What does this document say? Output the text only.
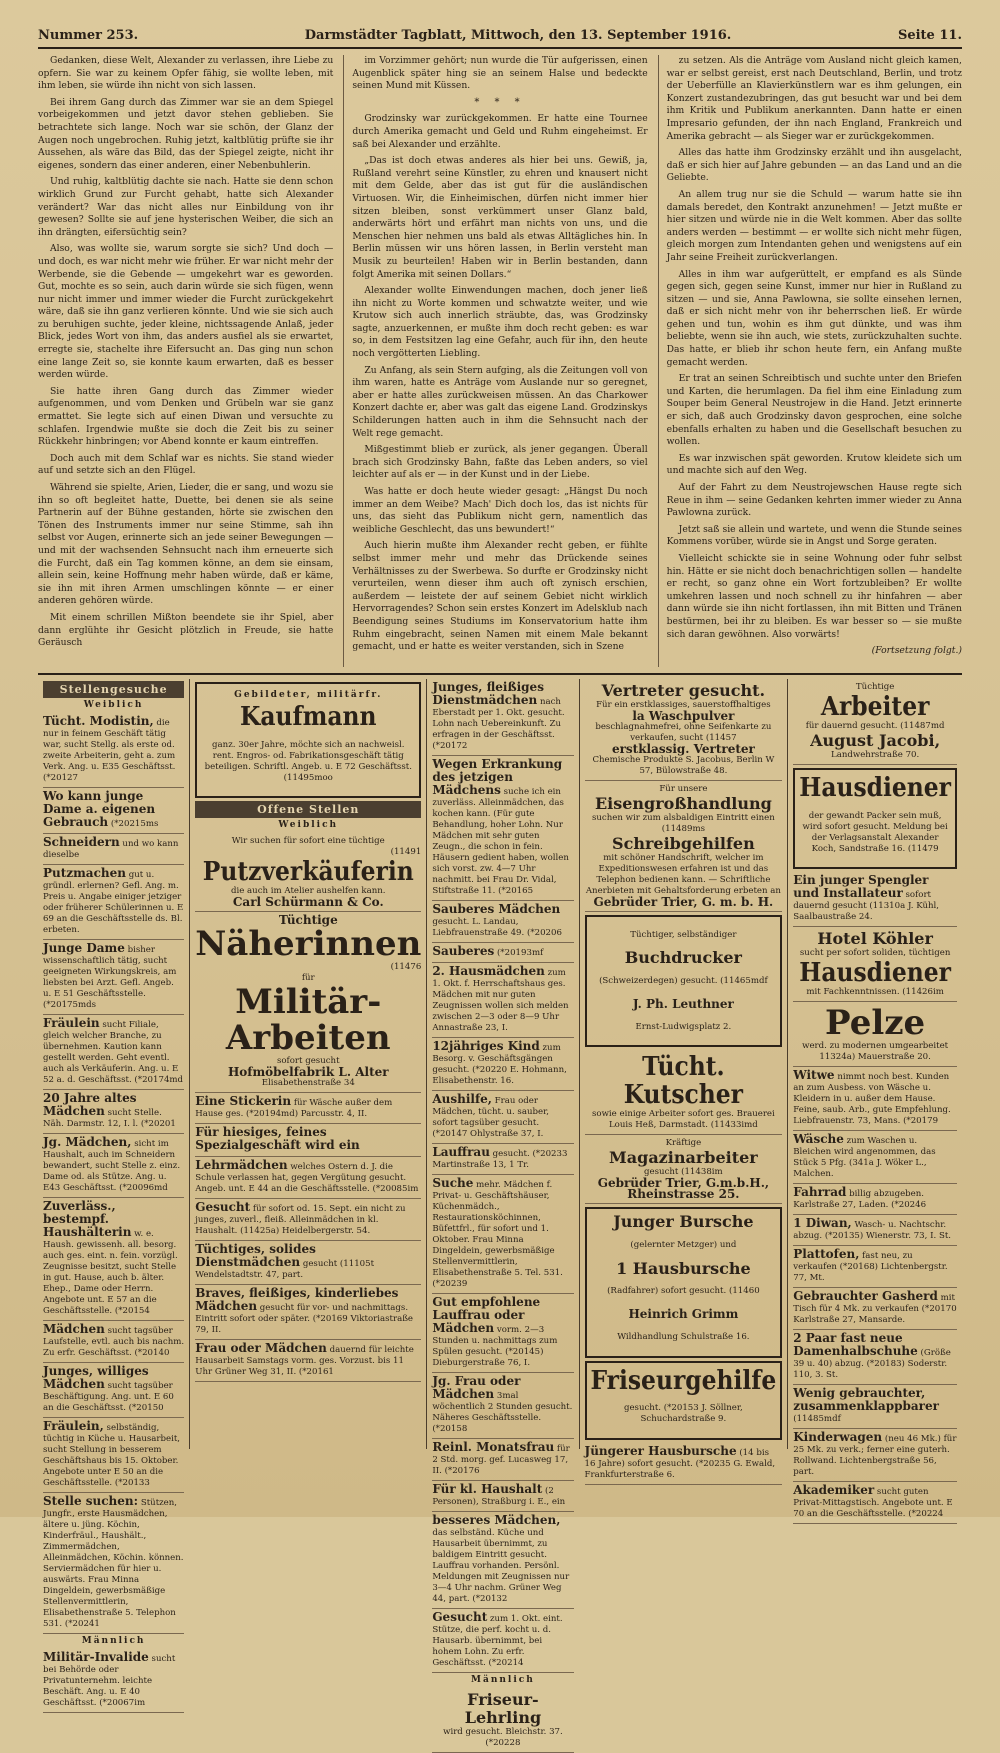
Nummer 253.	Darmstädter Tagblatt, Mittwoch, den 13. September 1916.	Seite 11.

Gedanken, diese Welt, Alexander zu verlassen, ihre Liebe zu opfern. Sie war zu keinem Opfer fähig, sie wollte leben, mit ihm leben, sie würde ihn nicht von sich lassen.

Bei ihrem Gang durch das Zimmer war sie an dem Spiegel vorbeigekommen und jetzt davor stehen geblieben. Sie betrachtete sich lange. Noch war sie schön, der Glanz der Augen noch ungebrochen. Ruhig jetzt, kaltblütig prüfte sie ihr Aussehen, als wäre das Bild, das der Spiegel zeigte, nicht ihr eigenes, sondern das einer anderen, einer Nebenbuhlerin.

Und ruhig, kaltblütig dachte sie nach. Hatte sie denn schon wirklich Grund zur Furcht gehabt, hatte sich Alexander verändert? War das nicht alles nur Einbildung von ihr gewesen? Sollte sie auf jene hysterischen Weiber, die sich an ihn drängten, eifersüchtig sein?

Also, was wollte sie, warum sorgte sie sich? Und doch — und doch, es war nicht mehr wie früher. Er war nicht mehr der Werbende, sie die Gebende — umgekehrt war es geworden. Gut, mochte es so sein, auch darin würde sie sich fügen, wenn nur nicht immer und immer wieder die Furcht zurückgekehrt wäre, daß sie ihn ganz verlieren könnte. Und wie sie sich auch zu beruhigen suchte, jeder kleine, nichtssagende Anlaß, jeder Blick, jedes Wort von ihm, das anders ausfiel als sie erwartet, erregte sie, stachelte ihre Eifersucht an. Das ging nun schon eine lange Zeit so, sie konnte kaum erwarten, daß es besser werden würde.

Sie hatte ihren Gang durch das Zimmer wieder aufgenommen, und vom Denken und Grübeln war sie ganz ermattet. Sie legte sich auf einen Diwan und versuchte zu schlafen. Irgendwie mußte sie doch die Zeit bis zu seiner Rückkehr hinbringen; vor Abend konnte er kaum eintreffen.

Doch auch mit dem Schlaf war es nichts. Sie stand wieder auf und setzte sich an den Flügel.

Während sie spielte, Arien, Lieder, die er sang, und wozu sie ihn so oft begleitet hatte, Duette, bei denen sie als seine Partnerin auf der Bühne gestanden, hörte sie zwischen den Tönen des Instruments immer nur seine Stimme, sah ihn selbst vor Augen, erinnerte sich an jede seiner Bewegungen — und mit der wachsenden Sehnsucht nach ihm erneuerte sich die Furcht, daß ein Tag kommen könne, an dem sie einsam, allein sein, keine Hoffnung mehr haben würde, daß er käme, sie ihn mit ihren Armen umschlingen könnte — er einer anderen gehören würde.

Mit einem schrillen Mißton beendete sie ihr Spiel, aber dann erglühte ihr Gesicht plötzlich in Freude, sie hatte Geräusch

im Vorzimmer gehört; nun wurde die Tür aufgerissen, einen Augenblick später hing sie an seinem Halse und bedeckte seinen Mund mit Küssen.

* * *

Grodzinsky war zurückgekommen. Er hatte eine Tournee durch Amerika gemacht und Geld und Ruhm eingeheimst. Er saß bei Alexander und erzählte.

„Das ist doch etwas anderes als hier bei uns. Gewiß, ja, Rußland verehrt seine Künstler, zu ehren und knausert nicht mit dem Gelde, aber das ist gut für die ausländischen Virtuosen. Wir, die Einheimischen, dürfen nicht immer hier sitzen bleiben, sonst verkümmert unser Glanz bald, anderwärts hört und erfährt man nichts von uns, und die Menschen hier nehmen uns bald als etwas Alltägliches hin. In Berlin müssen wir uns hören lassen, in Berlin versteht man Musik zu beurteilen! Haben wir in Berlin bestanden, dann folgt Amerika mit seinen Dollars.“

Alexander wollte Einwendungen machen, doch jener ließ ihn nicht zu Worte kommen und schwatzte weiter, und wie Krutow sich auch innerlich sträubte, das, was Grodzinsky sagte, anzuerkennen, er mußte ihm doch recht geben: es war so, in dem Festsitzen lag eine Gefahr, auch für ihn, den heute noch vergötterten Liebling.

Zu Anfang, als sein Stern aufging, als die Zeitungen voll von ihm waren, hatte es Anträge vom Auslande nur so geregnet, aber er hatte alles zurückweisen müssen. An das Charkower Konzert dachte er, aber was galt das eigene Land. Grodzinskys Schilderungen hatten auch in ihm die Sehnsucht nach der Welt rege gemacht.

Mißgestimmt blieb er zurück, als jener gegangen. Überall brach sich Grodzinsky Bahn, faßte das Leben anders, so viel leichter auf als er — in der Kunst und in der Liebe.

Was hatte er doch heute wieder gesagt: „Hängst Du noch immer an dem Weibe? Mach' Dich doch los, das ist nichts für uns, das sieht das Publikum nicht gern, namentlich das weibliche Geschlecht, das uns bewundert!“

Auch hierin mußte ihm Alexander recht geben, er fühlte selbst immer mehr und mehr das Drückende seines Verhältnisses zu der Swerbewa. So durfte er Grodzinsky nicht verurteilen, wenn dieser ihm auch oft zynisch erschien, außerdem — leistete der auf seinem Gebiet nicht wirklich Hervorragendes? Schon sein erstes Konzert im Adelsklub nach Beendigung seines Studiums im Konservatorium hatte ihm Ruhm eingebracht, seinen Namen mit einem Male bekannt gemacht, und er hatte es weiter verstanden, sich in Szene

zu setzen. Als die Anträge vom Ausland nicht gleich kamen, war er selbst gereist, erst nach Deutschland, Berlin, und trotz der Ueberfülle an Klavierkünstlern war es ihm gelungen, ein Konzert zustandezubringen, das gut besucht war und bei dem ihm Kritik und Publikum anerkannten. Dann hatte er einen Impresario gefunden, der ihn nach England, Frankreich und Amerika gebracht — als Sieger war er zurückgekommen.

Alles das hatte ihm Grodzinsky erzählt und ihn ausgelacht, daß er sich hier auf Jahre gebunden — an das Land und an die Geliebte.

An allem trug nur sie die Schuld — warum hatte sie ihn damals beredet, den Kontrakt anzunehmen! — Jetzt mußte er hier sitzen und würde nie in die Welt kommen. Aber das sollte anders werden — bestimmt — er wollte sich nicht mehr fügen, gleich morgen zum Intendanten gehen und wenigstens auf ein Jahr seine Freiheit zurückverlangen.

Alles in ihm war aufgerüttelt, er empfand es als Sünde gegen sich, gegen seine Kunst, immer nur hier in Rußland zu sitzen — und sie, Anna Pawlowna, sie sollte einsehen lernen, daß er sich nicht mehr von ihr beherrschen ließ. Er würde gehen und tun, wohin es ihm gut dünkte, und was ihm beliebte, wenn sie ihn auch, wie stets, zurückzuhalten suchte. Das hatte, er blieb ihr schon heute fern, ein Anfang mußte gemacht werden.

Er trat an seinen Schreibtisch und suchte unter den Briefen und Karten, die herumlagen. Da fiel ihm eine Einladung zum Souper beim General Neustrojew in die Hand. Jetzt erinnerte er sich, daß auch Grodzinsky davon gesprochen, eine solche ebenfalls erhalten zu haben und die Gesellschaft besuchen zu wollen.

Es war inzwischen spät geworden. Krutow kleidete sich um und machte sich auf den Weg.

Auf der Fahrt zu dem Neustrojewschen Hause regte sich Reue in ihm — seine Gedanken kehrten immer wieder zu Anna Pawlowna zurück.

Jetzt saß sie allein und wartete, und wenn die Stunde seines Kommens vorüber, würde sie in Angst und Sorge geraten.

Vielleicht schickte sie in seine Wohnung oder fuhr selbst hin. Hätte er sie nicht doch benachrichtigen sollen — handelte er recht, so ganz ohne ein Wort fortzubleiben? Er wollte umkehren lassen und noch schnell zu ihr hinfahren — aber dann würde sie ihn nicht fortlassen, ihn mit Bitten und Tränen bestürmen, bei ihr zu bleiben. Es war besser so — sie mußte sich daran gewöhnen. Also vorwärts!

(Fortsetzung folgt.)
Stellengesuche
Weiblich

Tücht. Modistin, die nur in feinem Geschäft tätig war, sucht Stellg. als erste od. zweite Arbeiterin, geht a. zum Verk. Ang. u. E35 Geschäftsst. (*20127

Wo kann junge Dame a. eigenen Gebrauch (*20215ms

Schneidern und wo kann dieselbe

Putzmachen gut u. gründl. erlernen? Gefl. Ang. m. Preis u. Angabe einiger jetziger oder früherer Schülerinnen u. E 69 an die Geschäftsstelle ds. Bl. erbeten.

Junge Dame bisher wissenschaftlich tätig, sucht geeigneten Wirkungskreis, am liebsten bei Arzt. Gefl. Angeb. u. E 51 Geschäftsstelle. (*20175mds

Fräulein sucht Filiale, gleich welcher Branche, zu übernehmen. Kaution kann gestellt werden. Geht eventl. auch als Verkäuferin. Ang. u. E 52 a. d. Geschäftsst. (*20174md

20 Jahre altes Mädchen sucht Stelle. Näh. Darmstr. 12, I. l. (*20201

Jg. Mädchen, sicht im Haushalt, auch im Schneidern bewandert, sucht Stelle z. einz. Dame od. als Stütze. Ang. u. E43 Geschäftsst. (*20096md

Zuverläss., bestempf. Haushälterin w. e. Haush. gewissenh. all. besorg. auch ges. eint. n. fein. vorzügl. Zeugnisse besitzt, sucht Stelle in gut. Hause, auch b. älter. Ehep., Dame oder Herrn. Angebote unt. E 57 an die Geschäftsstelle. (*20154

Mädchen sucht tagsüber Laufstelle, evtl. auch bis nachm. Zu erfr. Geschäftsst. (*20140

Junges, williges Mädchen sucht tagsüber Beschäftigung. Ang. unt. E 60 an die Geschäftsst. (*20150

Fräulein, selbständig, tüchtig in Küche u. Hausarbeit, sucht Stellung in besserem Geschäftshaus bis 15. Oktober. Angebote unter E 50 an die Geschäftsstelle. (*20133

Stelle suchen: Stützen, Jungfr., erste Hausmädchen, ältere u. jüng. Köchin, Kinderfräul., Haushält., Zimmermädchen, Alleinmädchen, Köchin. können. Serviermädchen für hier u. auswärts. Frau Minna Dingeldein, gewerbsmäßige Stellenvermittlerin, Elisabethenstraße 5. Telephon 531. (*20241

Männlich

Militär-Invalide sucht bei Behörde oder Privatunternehm. leichte Beschäft. Ang. u. E 40 Geschäftsst. (*20067im

Gebildeter, militärfr.
Kaufmann

ganz. 30er Jahre, möchte sich an nachweisl. rent. Engros- od. Fabrikationsgeschäft tätig beteiligen. Schriftl. Angeb. u. E 72 Geschäftsst. (11495moo

Offene Stellen
Weiblich

Wir suchen für sofort eine tüchtige

(11491

Putzverkäuferin

die auch im Atelier aushelfen kann.

Carl Schürmann & Co.

Tüchtige

Näherinnen

(11476

für

Militär-Arbeiten

sofort gesucht

Hofmöbelfabrik L. Alter

Elisabethenstraße 34

Eine Stickerin für Wäsche außer dem Hause ges. (*20194md) Parcusstr. 4, II.

Für hiesiges, feines Spezialgeschäft wird ein

Lehrmädchen welches Ostern d. J. die Schule verlassen hat, gegen Vergütung gesucht. Angeb. unt. E 44 an die Geschäftsstelle. (*20085im

Gesucht für sofort od. 15. Sept. ein nicht zu junges, zuverl., fleiß. Alleinmädchen in kl. Haushalt. (11425a) Heidelbergerstr. 54.

Tüchtiges, solides Dienstmädchen gesucht (11105t Wendelstadtstr. 47, part.

Braves, fleißiges, kinderliebes Mädchen gesucht für vor- und nachmittags. Eintritt sofort oder später. (*20169 Viktoriastraße 79, II.

Frau oder Mädchen dauernd für leichte Hausarbeit Samstags vorm. ges. Vorzust. bis 11 Uhr Grüner Weg 31, II. (*20161

Junges, fleißiges Dienstmädchen nach Eberstadt per 1. Okt. gesucht. Lohn nach Uebereinkunft. Zu erfragen in der Geschäftsst. (*20172

Wegen Erkrankung des jetzigen Mädchens suche ich ein zuverläss. Alleinmädchen, das kochen kann. (Für gute Behandlung, hoher Lohn. Nur Mädchen mit sehr guten Zeugn., die schon in fein. Häusern gedient haben, wollen sich vorst. zw. 4—7 Uhr nachmitt. bei Frau Dr. Vidal, Stiftstraße 11. (*20165

Sauberes Mädchen gesucht. L. Landau, Liebfrauenstraße 49. (*20206

Sauberes (*20193mf

2. Hausmädchen zum 1. Okt. f. Herrschaftshaus ges. Mädchen mit nur guten Zeugnissen wollen sich melden zwischen 2—3 oder 8—9 Uhr Annastraße 23, I.

12jähriges Kind zum Besorg. v. Geschäftsgängen gesucht. (*20220 E. Hohmann, Elisabethenstr. 16.

Aushilfe, Frau oder Mädchen, tücht. u. sauber, sofort tagsüber gesucht. (*20147 Ohlystraße 37, I.

Lauffrau gesucht. (*20233 Martinstraße 13, 1 Tr.

Suche mehr. Mädchen f. Privat- u. Geschäftshäuser, Küchenmädch., Restaurationsköchinnen, Büfettfrl., für sofort und 1. Oktober. Frau Minna Dingeldein, gewerbsmäßige Stellenvermittlerin, Elisabethenstraße 5. Tel. 531. (*20239

Gut empfohlene Lauffrau oder Mädchen vorm. 2—3 Stunden u. nachmittags zum Spülen gesucht. (*20145) Dieburgerstraße 76, I.

Jg. Frau oder Mädchen 3mal wöchentlich 2 Stunden gesucht. Näheres Geschäftsstelle. (*20158

Reinl. Monatsfrau für 2 Std. morg. gef. Lucasweg 17, II. (*20176

Für kl. Haushalt (2 Personen), Straßburg i. E., ein

besseres Mädchen, das selbständ. Küche und Hausarbeit übernimmt, zu baldigem Eintritt gesucht. Lauffrau vorhanden. Persönl. Meldungen mit Zeugnissen nur 3—4 Uhr nachm. Grüner Weg 44, part. (*20132

Gesucht zum 1. Okt. eint. Stütze, die perf. kocht u. d. Hausarb. übernimmt, bei hohem Lohn. Zu erfr. Geschäftsst. (*20214

Männlich
Friseur-Lehrling

wird gesucht. Bleichstr. 37. (*20228

Vertreter gesucht.

Für ein erstklassiges, sauerstoffhaltiges

la Waschpulver

beschlagnahmefrei, ohne Seifenkarte zu verkaufen, sucht (11457

erstklassig. Vertreter

Chemische Produkte S. Jacobus, Berlin W 57, Bülowstraße 48.

Für unsere

Eisengroßhandlung

suchen wir zum alsbaldigen Eintritt einen (11489ms

Schreibgehilfen

mit schöner Handschrift, welcher im Expeditionswesen erfahren ist und das Telephon bedienen kann. — Schriftliche Anerbieten mit Gehaltsforderung erbeten an

Gebrüder Trier, G. m. b. H.

Tüchtiger, selbständiger

Buchdrucker

(Schweizerdegen) gesucht. (11465mdf

J. Ph. Leuthner

Ernst-Ludwigsplatz 2.

Tücht. Kutscher

sowie einige Arbeiter sofort ges. Brauerei Louis Heß, Darmstadt. (11433imd

Kräftige

Magazinarbeiter

gesucht (11438im

Gebrüder Trier, G.m.b.H., Rheinstrasse 25.

Junger Bursche

(gelernter Metzger) und

1 Hausbursche

(Radfahrer) sofort gesucht. (11460

Heinrich Grimm

Wildhandlung Schulstraße 16.

Friseurgehilfe

gesucht. (*20153 J. Söllner, Schuchardstraße 9.

Jüngerer Hausbursche (14 bis 16 Jahre) sofort gesucht. (*20235 G. Ewald, Frankfurterstraße 6.

Tüchtige

Arbeiter

für dauernd gesucht. (11487md

August Jacobi,

Landwehrstraße 70.

Hausdiener

der gewandt Packer sein muß, wird sofort gesucht. Meldung bei der Verlagsanstalt Alexander Koch, Sandstraße 16. (11479

Ein junger Spengler und Installateur sofort dauernd gesucht (11310a J. Kühl, Saalbaustraße 24.

Hotel Köhler

sucht per sofort soliden, tüchtigen

Hausdiener

mit Fachkenntnissen. (11426im

Pelze

werd. zu modernen umgearbeitet 11324a) Mauerstraße 20.

Witwe nimmt noch best. Kunden an zum Ausbess. von Wäsche u. Kleidern in u. außer dem Hause. Feine, saub. Arb., gute Empfehlung. Liebfrauenstr. 73, Mans. (*20179

Wäsche zum Waschen u. Bleichen wird angenommen, das Stück 5 Pfg. (341a J. Wöker L., Malchen.

Fahrrad billig abzugeben. Karlstraße 27, Laden. (*20246

1 Diwan, Wasch- u. Nachtschr. abzug. (*20135) Wienerstr. 73, I. St.

Plattofen, fast neu, zu verkaufen (*20168) Lichtenbergstr. 77, Mt.

Gebrauchter Gasherd mit Tisch für 4 Mk. zu verkaufen (*20170 Karlstraße 27, Mansarde.

2 Paar fast neue Damenhalbschuhe (Größe 39 u. 40) abzug. (*20183) Soderstr. 110, 3. St.

Wenig gebrauchter, zusammenklappbarer (11485mdf

Kinderwagen (neu 46 Mk.) für 25 Mk. zu verk.; ferner eine guterh. Rollwand. Lichtenbergstraße 56, part.

Akademiker sucht guten Privat-Mittagstisch. Angebote unt. E 70 an die Geschäftsstelle. (*20224
